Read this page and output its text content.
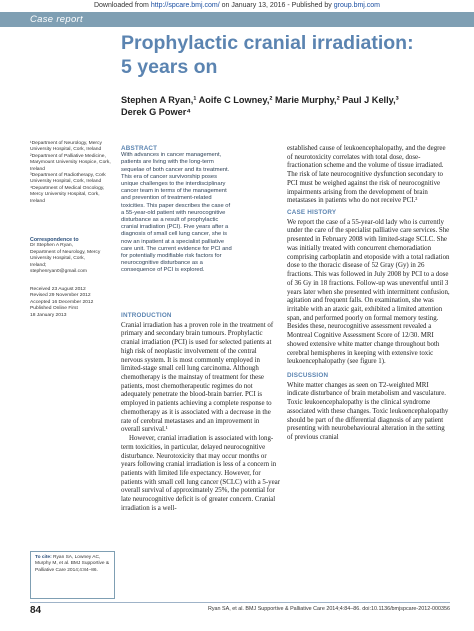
Downloaded from http://spcare.bmj.com/ on January 13, 2016 - Published by group.bmj.com
Case report
Prophylactic cranial irradiation:
5 years on
Stephen A Ryan,¹ Aoife C Lowney,² Marie Murphy,² Paul J Kelly,³
Derek G Power⁴

¹Department of Neurology, Mercy University Hospital, Cork, Ireland

²Department of Palliative Medicine, Marymount University Hospice, Cork, Ireland

³Department of Radiotherapy, Cork University Hospital, Cork, Ireland

⁴Department of Medical Oncology, Mercy University Hospital, Cork, Ireland

Correspondence to

Dr Stephen A Ryan,

Department of Neurology, Mercy University Hospital, Cork,

Ireland;

stephenryan0@gmail.com

Received 23 August 2012

Revised 29 November 2012

Accepted 16 December 2012

Published Online First

18 January 2013

ABSTRACT

With advances in cancer management, patients are living with the long-term sequelae of both cancer and its treatment. This era of cancer survivorship poses unique challenges to the interdisciplinary cancer team in terms of the management and prevention of treatment-related toxicities. This paper describes the case of a 55-year-old patient with neurocognitive disturbance as a result of prophylactic cranial irradiation (PCI). Five years after a diagnosis of small cell lung cancer, she is now an inpatient at a specialist palliative care unit. The current evidence for PCI and for potentially modifiable risk factors for neurocognitive disturbance as a consequence of PCI is explored.

INTRODUCTION

Cranial irradiation has a proven role in the treatment of primary and secondary brain tumours. Prophylactic cranial irradiation (PCI) is used for selected patients at high risk of neoplastic involvement of the central nervous system. It is most commonly employed in limited-stage small cell lung carcinoma. Although chemotherapy is the mainstay of treatment for these patients, most chemotherapeutic regimes do not adequately penetrate the blood-brain barrier. PCI is employed in patients achieving a complete response to chemotherapy as it is associated with a decrease in the rate of cerebral metastases and an improvement in overall survival.¹

However, cranial irradiation is associated with long-term toxicities, in particular, delayed neurocognitive disturbance. Neurotoxicity that may occur months or years following cranial irradiation is less of a concern in patients with limited life expectancy. However, for patients with small cell lung cancer (SCLC) with a 5-year overall survival of approximately 25%, the potential for late neurocognitive deficit is of greater concern. Cranial irradiation is a well-

established cause of leukoencephalopathy, and the degree of neurotoxicity correlates with total dose, dose-fractionation scheme and the volume of tissue irradiated. The risk of late neurocognitive dysfunction secondary to PCI must be weighed against the risk of neurocognitive impairments arising from the development of brain metastases in patients who do not receive PCI.²

CASE HISTORY

We report the case of a 55-year-old lady who is currently under the care of the specialist palliative care services. She presented in February 2008 with limited-stage SCLC. She was initially treated with concurrent chemoradiation comprising carboplatin and etoposide with a total radiation dose to the thoracic disease of 52 Gray (Gy) in 26 fractions. This was followed in July 2008 by PCI to a dose of 36 Gy in 18 fractions. Follow-up was uneventful until 3 years later when she presented with intermittent confusion, agitation and frequent falls. On examination, she was irritable with an ataxic gait, exhibited a limited attention span, and performed poorly on formal memory testing. Besides these, neurocognitive assessment revealed a Montreal Cognitive Assessment Score of 12/30. MRI showed extensive white matter change throughout both cerebral hemispheres in keeping with extensive toxic leukoencephalopathy (see figure 1).

DISCUSSION

White matter changes as seen on T2-weighted MRI indicate disturbance of brain metabolism and vasculature. Toxic leukoencephalopathy is the clinical syndrome associated with these changes. Toxic leukoencephalopathy should be part of the differential diagnosis of any patient presenting with neurobehavioural alteration in the setting of previous cranial

To cite: Ryan SA, Lowney AC, Murphy M, et al. BMJ Supportive & Palliative Care 2014;4:84–86.
84	Ryan SA, et al. BMJ Supportive & Palliative Care 2014;4:84–86. doi:10.1136/bmjspcare-2012-000356
